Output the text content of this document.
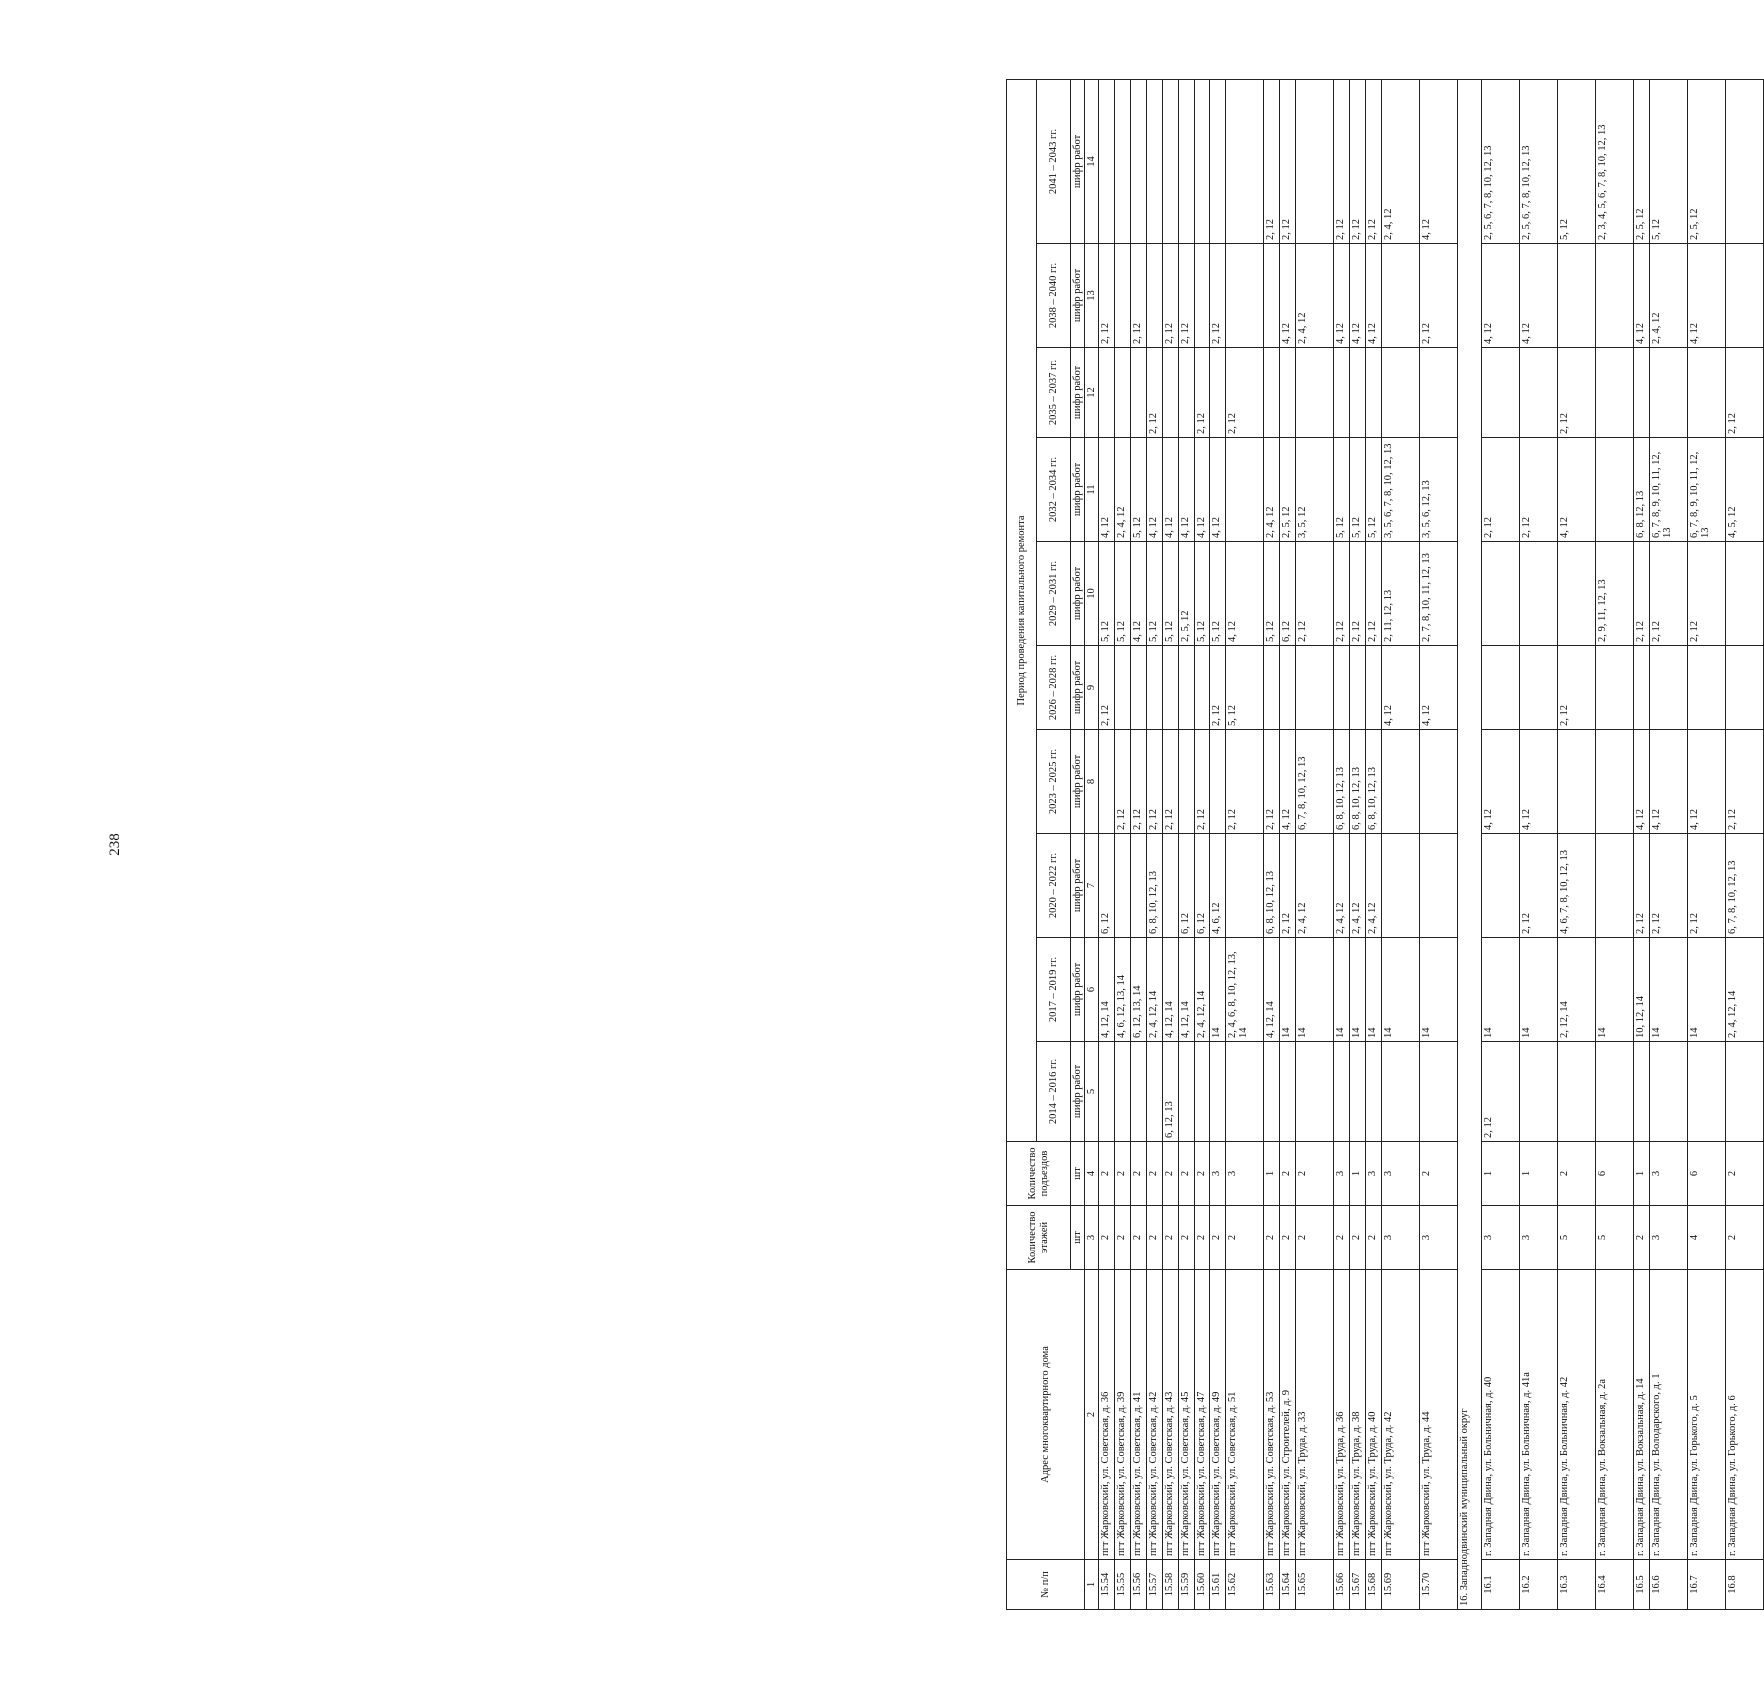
238
№ п/п	Адрес многоквартирного дома	Количество этажей	Количество подъездов	Период проведения капитального ремонта									
				2014 – 2016 гг.	2017 – 2019 гг.	2020 – 2022 гг.	2023 – 2025 гг.	2026 – 2028 гг.	2029 – 2031 гг.	2032 – 2034 гг.	2035 – 2037 гг.	2038 – 2040 гг.	2041 – 2043 гг.
		шт	шт	шифр работ	шифр работ	шифр работ	шифр работ	шифр работ	шифр работ	шифр работ	шифр работ	шифр работ	шифр работ
1	2	3	4	5	6	7	8	9	10	11	12	13	14
15.54	пгт Жарковский, ул. Советская, д. 36	2	2		4, 12, 14	6, 12		2, 12	5, 12	4, 12		2, 12	
15.55	пгт Жарковский, ул. Советская, д. 39	2	2		4, 6, 12, 13, 14		2, 12		5, 12	2, 4, 12			
15.56	пгт Жарковский, ул. Советская, д. 41	2	2		6, 12, 13, 14		2, 12		4, 12	5, 12		2, 12	
15.57	пгт Жарковский, ул. Советская, д. 42	2	2		2, 4, 12, 14	6, 8, 10, 12, 13	2, 12		5, 12	4, 12	2, 12		
15.58	пгт Жарковский, ул. Советская, д. 43	2	2	6, 12, 13	4, 12, 14		2, 12		5, 12	4, 12		2, 12	
15.59	пгт Жарковский, ул. Советская, д. 45	2	2		4, 12, 14	6, 12			2, 5, 12	4, 12		2, 12	
15.60	пгт Жарковский, ул. Советская, д. 47	2	2		2, 4, 12, 14	6, 12	2, 12		5, 12	4, 12	2, 12		
15.61	пгт Жарковский, ул. Советская, д. 49	2	3		14	4, 6, 12		2, 12	5, 12	4, 12		2, 12	
15.62	пгт Жарковский, ул. Советская, д. 51	2	3		2, 4, 6, 8, 10, 12, 13, 14		2, 12	5, 12	4, 12		2, 12		
15.63	пгт Жарковский, ул. Советская, д. 53	2	1		4, 12, 14	6, 8, 10, 12, 13	2, 12		5, 12	2, 4, 12			2, 12
15.64	пгт Жарковский, ул. Строителей, д. 9	2	2		14	2, 12	4, 12		6, 12	2, 5, 12		4, 12	2, 12
15.65	пгт Жарковский, ул. Труда, д. 33	2	2		14	2, 4, 12	6, 7, 8, 10, 12, 13		2, 12	3, 5, 12		2, 4, 12	
15.66	пгт Жарковский, ул. Труда, д. 36	2	3		14	2, 4, 12	6, 8, 10, 12, 13		2, 12	5, 12		4, 12	2, 12
15.67	пгт Жарковский, ул. Труда, д. 38	2	1		14	2, 4, 12	6, 8, 10, 12, 13		2, 12	5, 12		4, 12	2, 12
15.68	пгт Жарковский, ул. Труда, д. 40	2	3		14	2, 4, 12	6, 8, 10, 12, 13		2, 12	5, 12		4, 12	2, 12
15.69	пгт Жарковский, ул. Труда, д. 42	3	3		14			4, 12	2, 11, 12, 13	3, 5, 6, 7, 8, 10, 12, 13			2, 4, 12
15.70	пгт Жарковский, ул. Труда, д. 44	3	2		14			4, 12	2, 7, 8, 10, 11, 12, 13	3, 5, 6, 12, 13		2, 12	4, 12
16. Западнодвинский муниципальный округ													
16.1	г. Западная Двина, ул. Больничная, д. 40	3	1	2, 12	14		4, 12			2, 12		4, 12	2, 5, 6, 7, 8, 10, 12, 13
16.2	г. Западная Двина, ул. Больничная, д. 41а	3	1		14	2, 12	4, 12			2, 12		4, 12	2, 5, 6, 7, 8, 10, 12, 13
16.3	г. Западная Двина, ул. Больничная, д. 42	5	2		2, 12, 14	4, 6, 7, 8, 10, 12, 13		2, 12		4, 12	2, 12		5, 12
16.4	г. Западная Двина, ул. Вокзальная, д. 2а	5	6		14				2, 9, 11, 12, 13				2, 3, 4, 5, 6, 7, 8, 10, 12, 13
16.5	г. Западная Двина, ул. Вокзальная, д. 14	2	1		10, 12, 14	2, 12	4, 12		2, 12	6, 8, 12, 13		4, 12	2, 5, 12
16.6	г. Западная Двина, ул. Володарского, д. 1	3	3		14	2, 12	4, 12		2, 12	6, 7, 8, 9, 10, 11, 12, 13		2, 4, 12	5, 12
16.7	г. Западная Двина, ул. Горького, д. 5	4	6		14	2, 12	4, 12		2, 12	6, 7, 8, 9, 10, 11, 12, 13		4, 12	2, 5, 12
16.8	г. Западная Двина, ул. Горького, д. 6	2	2		2, 4, 12, 14	6, 7, 8, 10, 12, 13	2, 12			4, 5, 12	2, 12		
